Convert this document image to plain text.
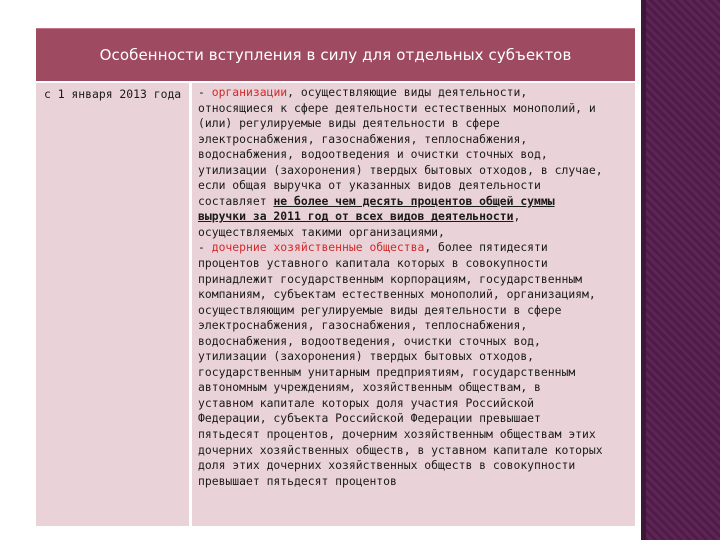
Особенности вступления в силу для отдельных субъектов
с 1 января 2013 года - организации, осуществляющие виды деятельности,
относящиеся к сфере деятельности естественных монополий, и
(или) регулируемые виды деятельности в сфере
электроснабжения, газоснабжения, теплоснабжения,
водоснабжения, водоотведения и очистки сточных вод,
утилизации (захоронения) твердых бытовых отходов, в случае,
если общая выручка от указанных видов деятельности
составляет не более чем десять процентов общей суммы
выручки за 2011 год от всех видов деятельности,
осуществляемых такими организациями,
- дочерние хозяйственные общества, более пятидесяти
процентов уставного капитала которых в совокупности
принадлежит государственным корпорациям, государственным
компаниям, субъектам естественных монополий, организациям,
осуществляющим регулируемые виды деятельности в сфере
электроснабжения, газоснабжения, теплоснабжения,
водоснабжения, водоотведения, очистки сточных вод,
утилизации (захоронения) твердых бытовых отходов,
государственным унитарным предприятиям, государственным
автономным учреждениям, хозяйственным обществам, в
уставном капитале которых доля участия Российской
Федерации, субъекта Российской Федерации превышает
пятьдесят процентов, дочерним хозяйственным обществам этих
дочерних хозяйственных обществ, в уставном капитале которых
доля этих дочерних хозяйственных обществ в совокупности
превышает пятьдесят процентов
